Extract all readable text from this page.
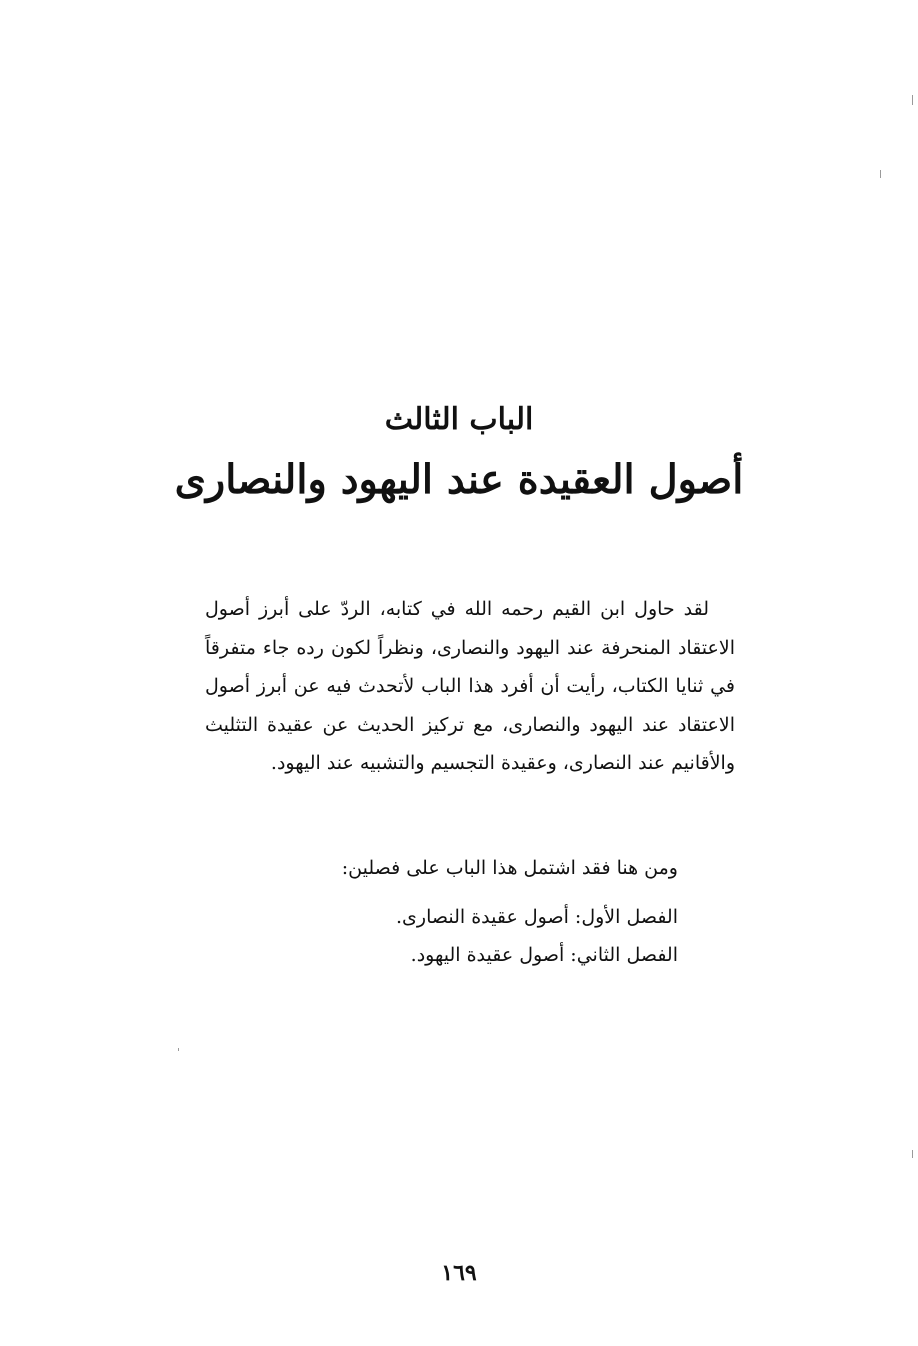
الباب الثالث
أصول العقيدة عند اليهود والنصارى

لقد حاول ابن القيم رحمه الله في كتابه، الردّ على أبرز أصول الاعتقاد المنحرفة عند اليهود والنصارى، ونظراً لكون رده جاء متفرقاً في ثنايا الكتاب، رأيت أن أفرد هذا الباب لأتحدث فيه عن أبرز أصول الاعتقاد عند اليهود والنصارى، مع تركيز الحديث عن عقيدة التثليث والأقانيم عند النصارى، وعقيدة التجسيم والتشبيه عند اليهود.

ومن هنا فقد اشتمل هذا الباب على فصلين:
الفصل الأول: أصول عقيدة النصارى.
الفصل الثاني: أصول عقيدة اليهود.
١٦٩
